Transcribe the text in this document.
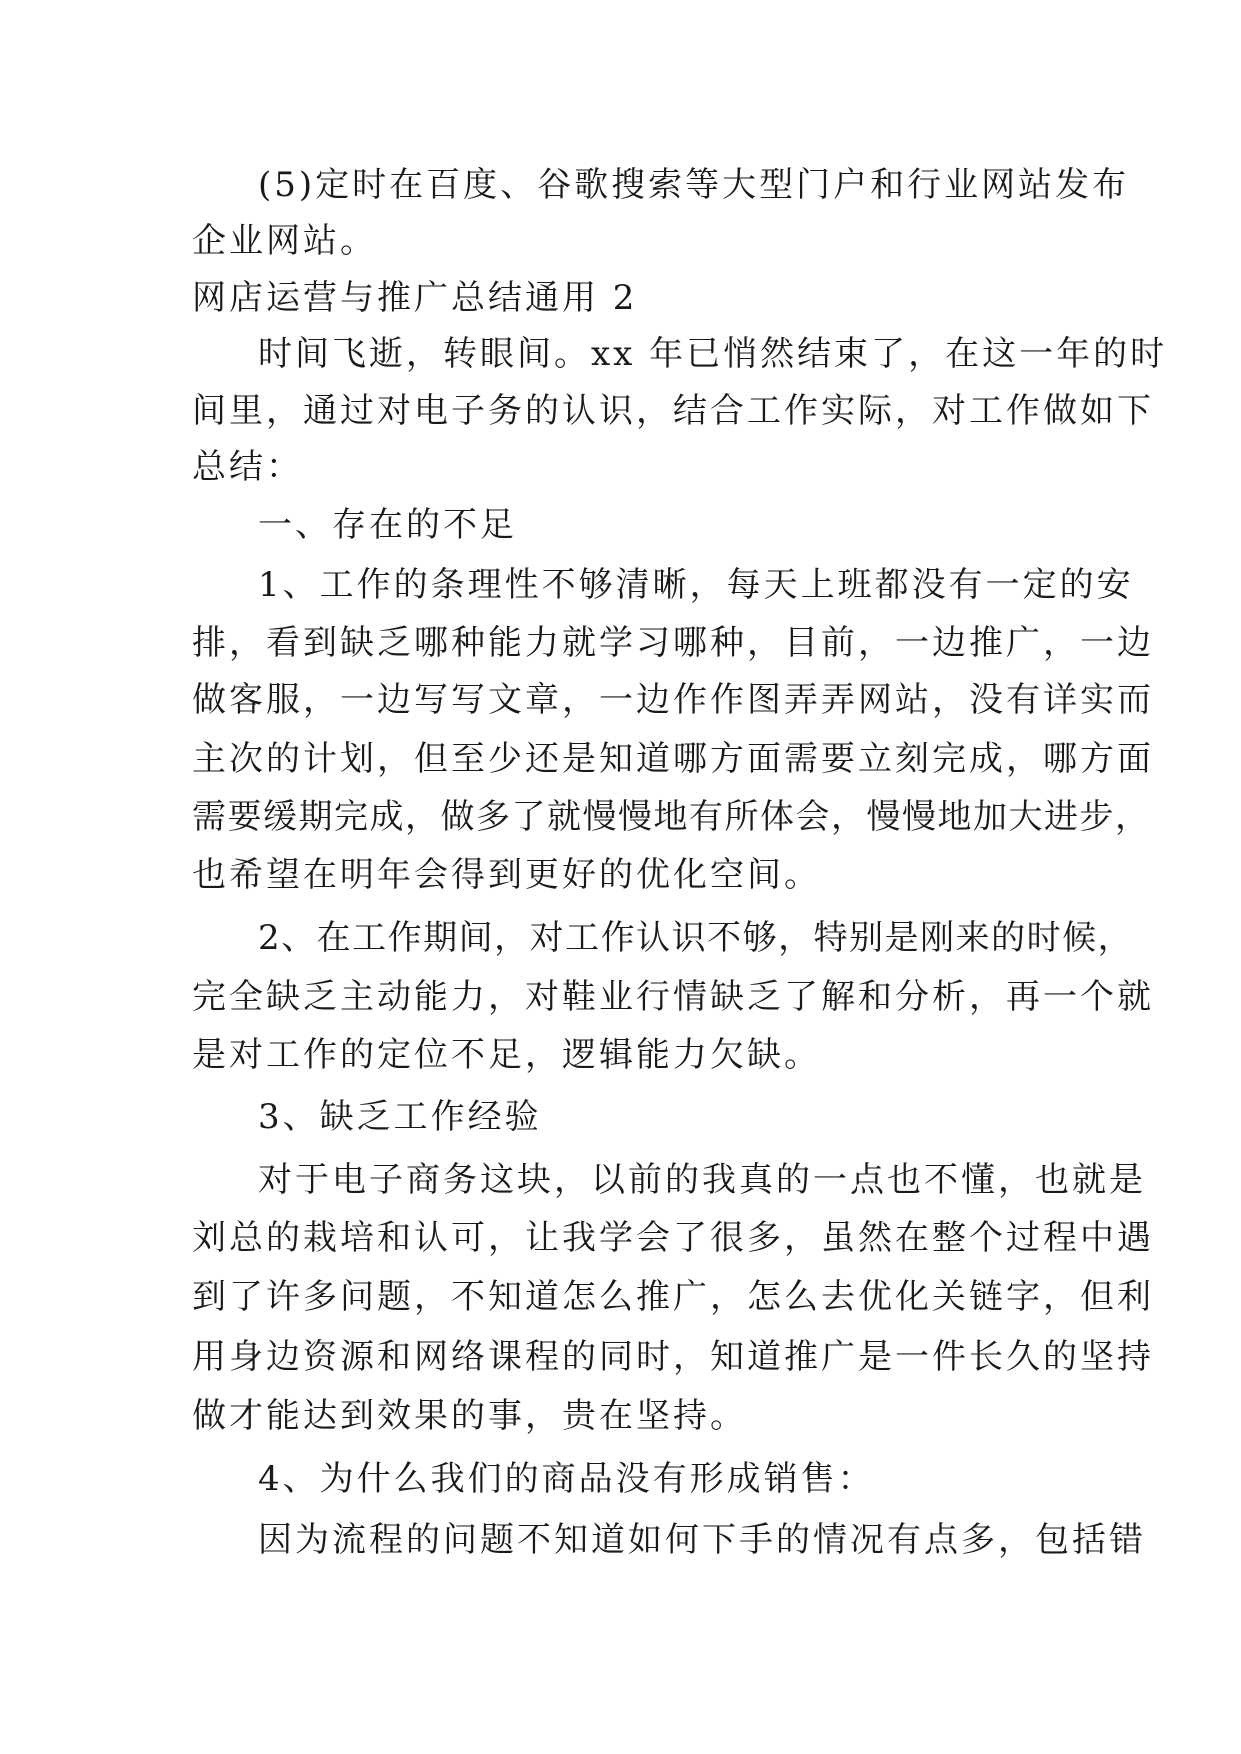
(5)定时在百度、谷歌搜索等大型门户和行业网站发布
企业网站。
网店运营与推广总结通用 2
时间飞逝，转眼间。xx 年已悄然结束了，在这一年的时
间里，通过对电子务的认识，结合工作实际，对工作做如下
总结：
一、存在的不足
1、工作的条理性不够清晰，每天上班都没有一定的安
排，看到缺乏哪种能力就学习哪种，目前，一边推广，一边
做客服，一边写写文章，一边作作图弄弄网站，没有详实而
主次的计划，但至少还是知道哪方面需要立刻完成，哪方面
需要缓期完成，做多了就慢慢地有所体会，慢慢地加大进步，
也希望在明年会得到更好的优化空间。
2、在工作期间，对工作认识不够，特别是刚来的时候，
完全缺乏主动能力，对鞋业行情缺乏了解和分析，再一个就
是对工作的定位不足，逻辑能力欠缺。
3、缺乏工作经验
对于电子商务这块，以前的我真的一点也不懂，也就是
刘总的栽培和认可，让我学会了很多，虽然在整个过程中遇
到了许多问题，不知道怎么推广，怎么去优化关链字，但利
用身边资源和网络课程的同时，知道推广是一件长久的坚持
做才能达到效果的事，贵在坚持。
4、为什么我们的商品没有形成销售：
因为流程的问题不知道如何下手的情况有点多，包括错
